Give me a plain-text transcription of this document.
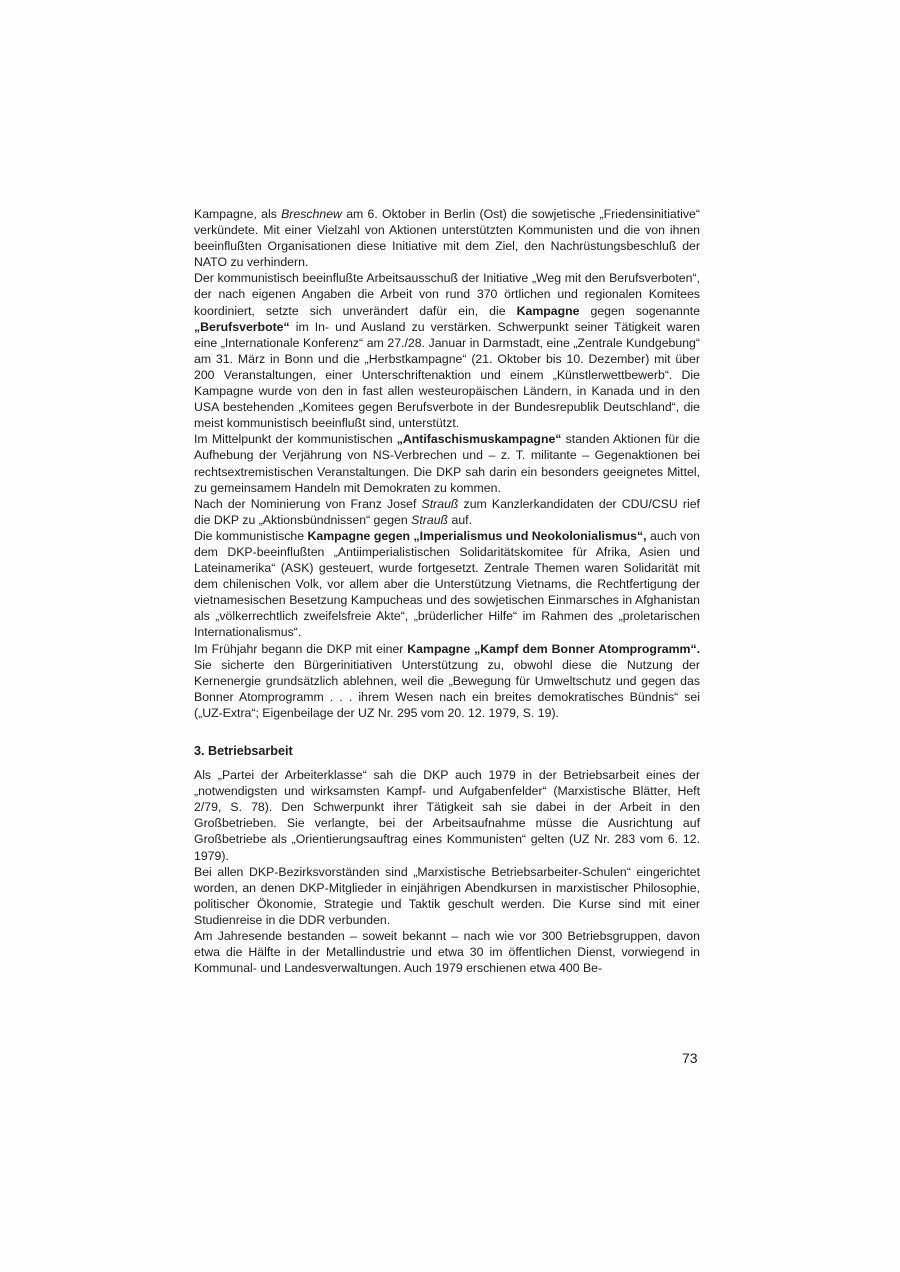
Kampagne, als Breschnew am 6. Oktober in Berlin (Ost) die sowjetische „Friedensinitiative“ verkündete. Mit einer Vielzahl von Aktionen unterstützten Kommunisten und die von ihnen beeinflußten Organisationen diese Initiative mit dem Ziel, den Nachrüstungsbeschluß der NATO zu verhindern.

Der kommunistisch beeinflußte Arbeitsausschuß der Initiative „Weg mit den Berufsverboten“, der nach eigenen Angaben die Arbeit von rund 370 örtlichen und regionalen Komitees koordiniert, setzte sich unverändert dafür ein, die Kampagne gegen sogenannte „Berufsverbote“ im In- und Ausland zu verstärken. Schwerpunkt seiner Tätigkeit waren eine „Internationale Konferenz“ am 27./28. Januar in Darmstadt, eine „Zentrale Kundgebung“ am 31. März in Bonn und die „Herbstkampagne“ (21. Oktober bis 10. Dezember) mit über 200 Veranstaltungen, einer Unterschriftenaktion und einem „Künstlerwettbewerb“. Die Kampagne wurde von den in fast allen westeuropäischen Ländern, in Kanada und in den USA bestehenden „Komitees gegen Berufsverbote in der Bundesrepublik Deutschland“, die meist kommunistisch beeinflußt sind, unterstützt.

Im Mittelpunkt der kommunistischen „Antifaschismuskampagne“ standen Aktionen für die Aufhebung der Verjährung von NS-Verbrechen und – z. T. militante – Gegenaktionen bei rechtsextremistischen Veranstaltungen. Die DKP sah darin ein besonders geeignetes Mittel, zu gemeinsamem Handeln mit Demokraten zu kommen.

Nach der Nominierung von Franz Josef Strauß zum Kanzlerkandidaten der CDU/CSU rief die DKP zu „Aktionsbündnissen“ gegen Strauß auf.

Die kommunistische Kampagne gegen „Imperialismus und Neokolonialismus“, auch von dem DKP-beeinflußten „Antiimperialistischen Solidaritätskomitee für Afrika, Asien und Lateinamerika“ (ASK) gesteuert, wurde fortgesetzt. Zentrale Themen waren Solidarität mit dem chilenischen Volk, vor allem aber die Unterstützung Vietnams, die Rechtfertigung der vietnamesischen Besetzung Kampucheas und des sowjetischen Einmarsches in Afghanistan als „völkerrechtlich zweifelsfreie Akte“, „brüderlicher Hilfe“ im Rahmen des „proletarischen Internationalismus“.

Im Frühjahr begann die DKP mit einer Kampagne „Kampf dem Bonner Atomprogramm“. Sie sicherte den Bürgerinitiativen Unterstützung zu, obwohl diese die Nutzung der Kernenergie grundsätzlich ablehnen, weil die „Bewegung für Umweltschutz und gegen das Bonner Atomprogramm . . . ihrem Wesen nach ein breites demokratisches Bündnis“ sei („UZ-Extra“; Eigenbeilage der UZ Nr. 295 vom 20. 12. 1979, S. 19).

3. Betriebsarbeit

Als „Partei der Arbeiterklasse“ sah die DKP auch 1979 in der Betriebsarbeit eines der „notwendigsten und wirksamsten Kampf- und Aufgabenfelder“ (Marxistische Blätter, Heft 2/79, S. 78). Den Schwerpunkt ihrer Tätigkeit sah sie dabei in der Arbeit in den Großbetrieben. Sie verlangte, bei der Arbeitsaufnahme müsse die Ausrichtung auf Großbetriebe als „Orientierungsauftrag eines Kommunisten“ gelten (UZ Nr. 283 vom 6. 12. 1979).

Bei allen DKP-Bezirksvorständen sind „Marxistische Betriebsarbeiter-Schulen“ eingerichtet worden, an denen DKP-Mitglieder in einjährigen Abendkursen in marxistischer Philosophie, politischer Ökonomie, Strategie und Taktik geschult werden. Die Kurse sind mit einer Studienreise in die DDR verbunden.

Am Jahresende bestanden – soweit bekannt – nach wie vor 300 Betriebsgruppen, davon etwa die Hälfte in der Metallindustrie und etwa 30 im öffentlichen Dienst, vorwiegend in Kommunal- und Landesverwaltungen. Auch 1979 erschienen etwa 400 Be-

73
